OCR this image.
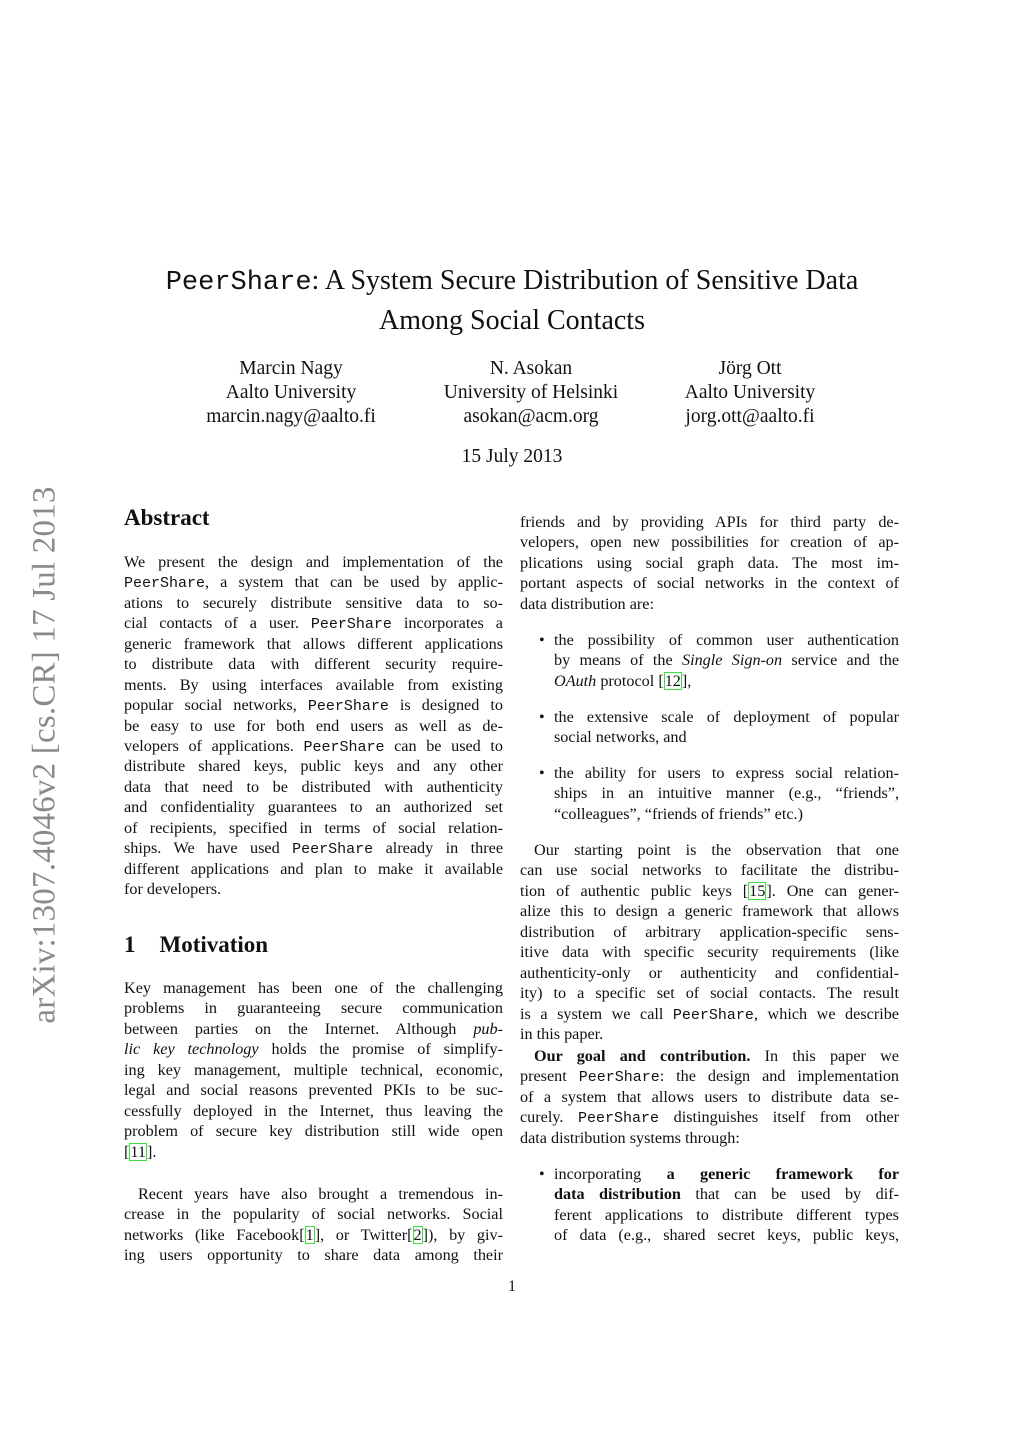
arXiv:1307.4046v2 [cs.CR] 17 Jul 2013
PeerShare: A System Secure Distribution of Sensitive Data
Among Social Contacts
Marcin Nagy
Aalto University
marcin.nagy@aalto.fi
N. Asokan
University of Helsinki
asokan@acm.org
Jörg Ott
Aalto University
jorg.ott@aalto.fi
15 July 2013
Abstract
We present the design and implementation of the
PeerShare, a system that can be used by applic-
ations to securely distribute sensitive data to so-
cial contacts of a user. PeerShare incorporates a
generic framework that allows different applications
to distribute data with different security require-
ments. By using interfaces available from existing
popular social networks, PeerShare is designed to
be easy to use for both end users as well as de-
velopers of applications. PeerShare can be used to
distribute shared keys, public keys and any other
data that need to be distributed with authenticity
and confidentiality guarantees to an authorized set
of recipients, specified in terms of social relation-
ships. We have used PeerShare already in three
different applications and plan to make it available
for developers.
1 Motivation
Key management has been one of the challenging
problems in guaranteeing secure communication
between parties on the Internet. Although pub-
lic key technology holds the promise of simplify-
ing key management, multiple technical, economic,
legal and social reasons prevented PKIs to be suc-
cessfully deployed in the Internet, thus leaving the
problem of secure key distribution still wide open
[11].
Recent years have also brought a tremendous in-
crease in the popularity of social networks. Social
networks (like Facebook[1], or Twitter[2]), by giv-
ing users opportunity to share data among their
friends and by providing APIs for third party de-
velopers, open new possibilities for creation of ap-
plications using social graph data. The most im-
portant aspects of social networks in the context of
data distribution are:
• the possibility of common user authentication
by means of the Single Sign-on service and the
OAuth protocol [12],
• the extensive scale of deployment of popular
social networks, and
• the ability for users to express social relation-
ships in an intuitive manner (e.g., “friends”,
“colleagues”, “friends of friends” etc.)
Our starting point is the observation that one
can use social networks to facilitate the distribu-
tion of authentic public keys [15]. One can gener-
alize this to design a generic framework that allows
distribution of arbitrary application-specific sens-
itive data with specific security requirements (like
authenticity-only or authenticity and confidential-
ity) to a specific set of social contacts. The result
is a system we call PeerShare, which we describe
in this paper.
Our goal and contribution. In this paper we
present PeerShare: the design and implementation
of a system that allows users to distribute data se-
curely. PeerShare distinguishes itself from other
data distribution systems through:
• incorporating a generic framework for
data distribution that can be used by dif-
ferent applications to distribute different types
of data (e.g., shared secret keys, public keys,
1
